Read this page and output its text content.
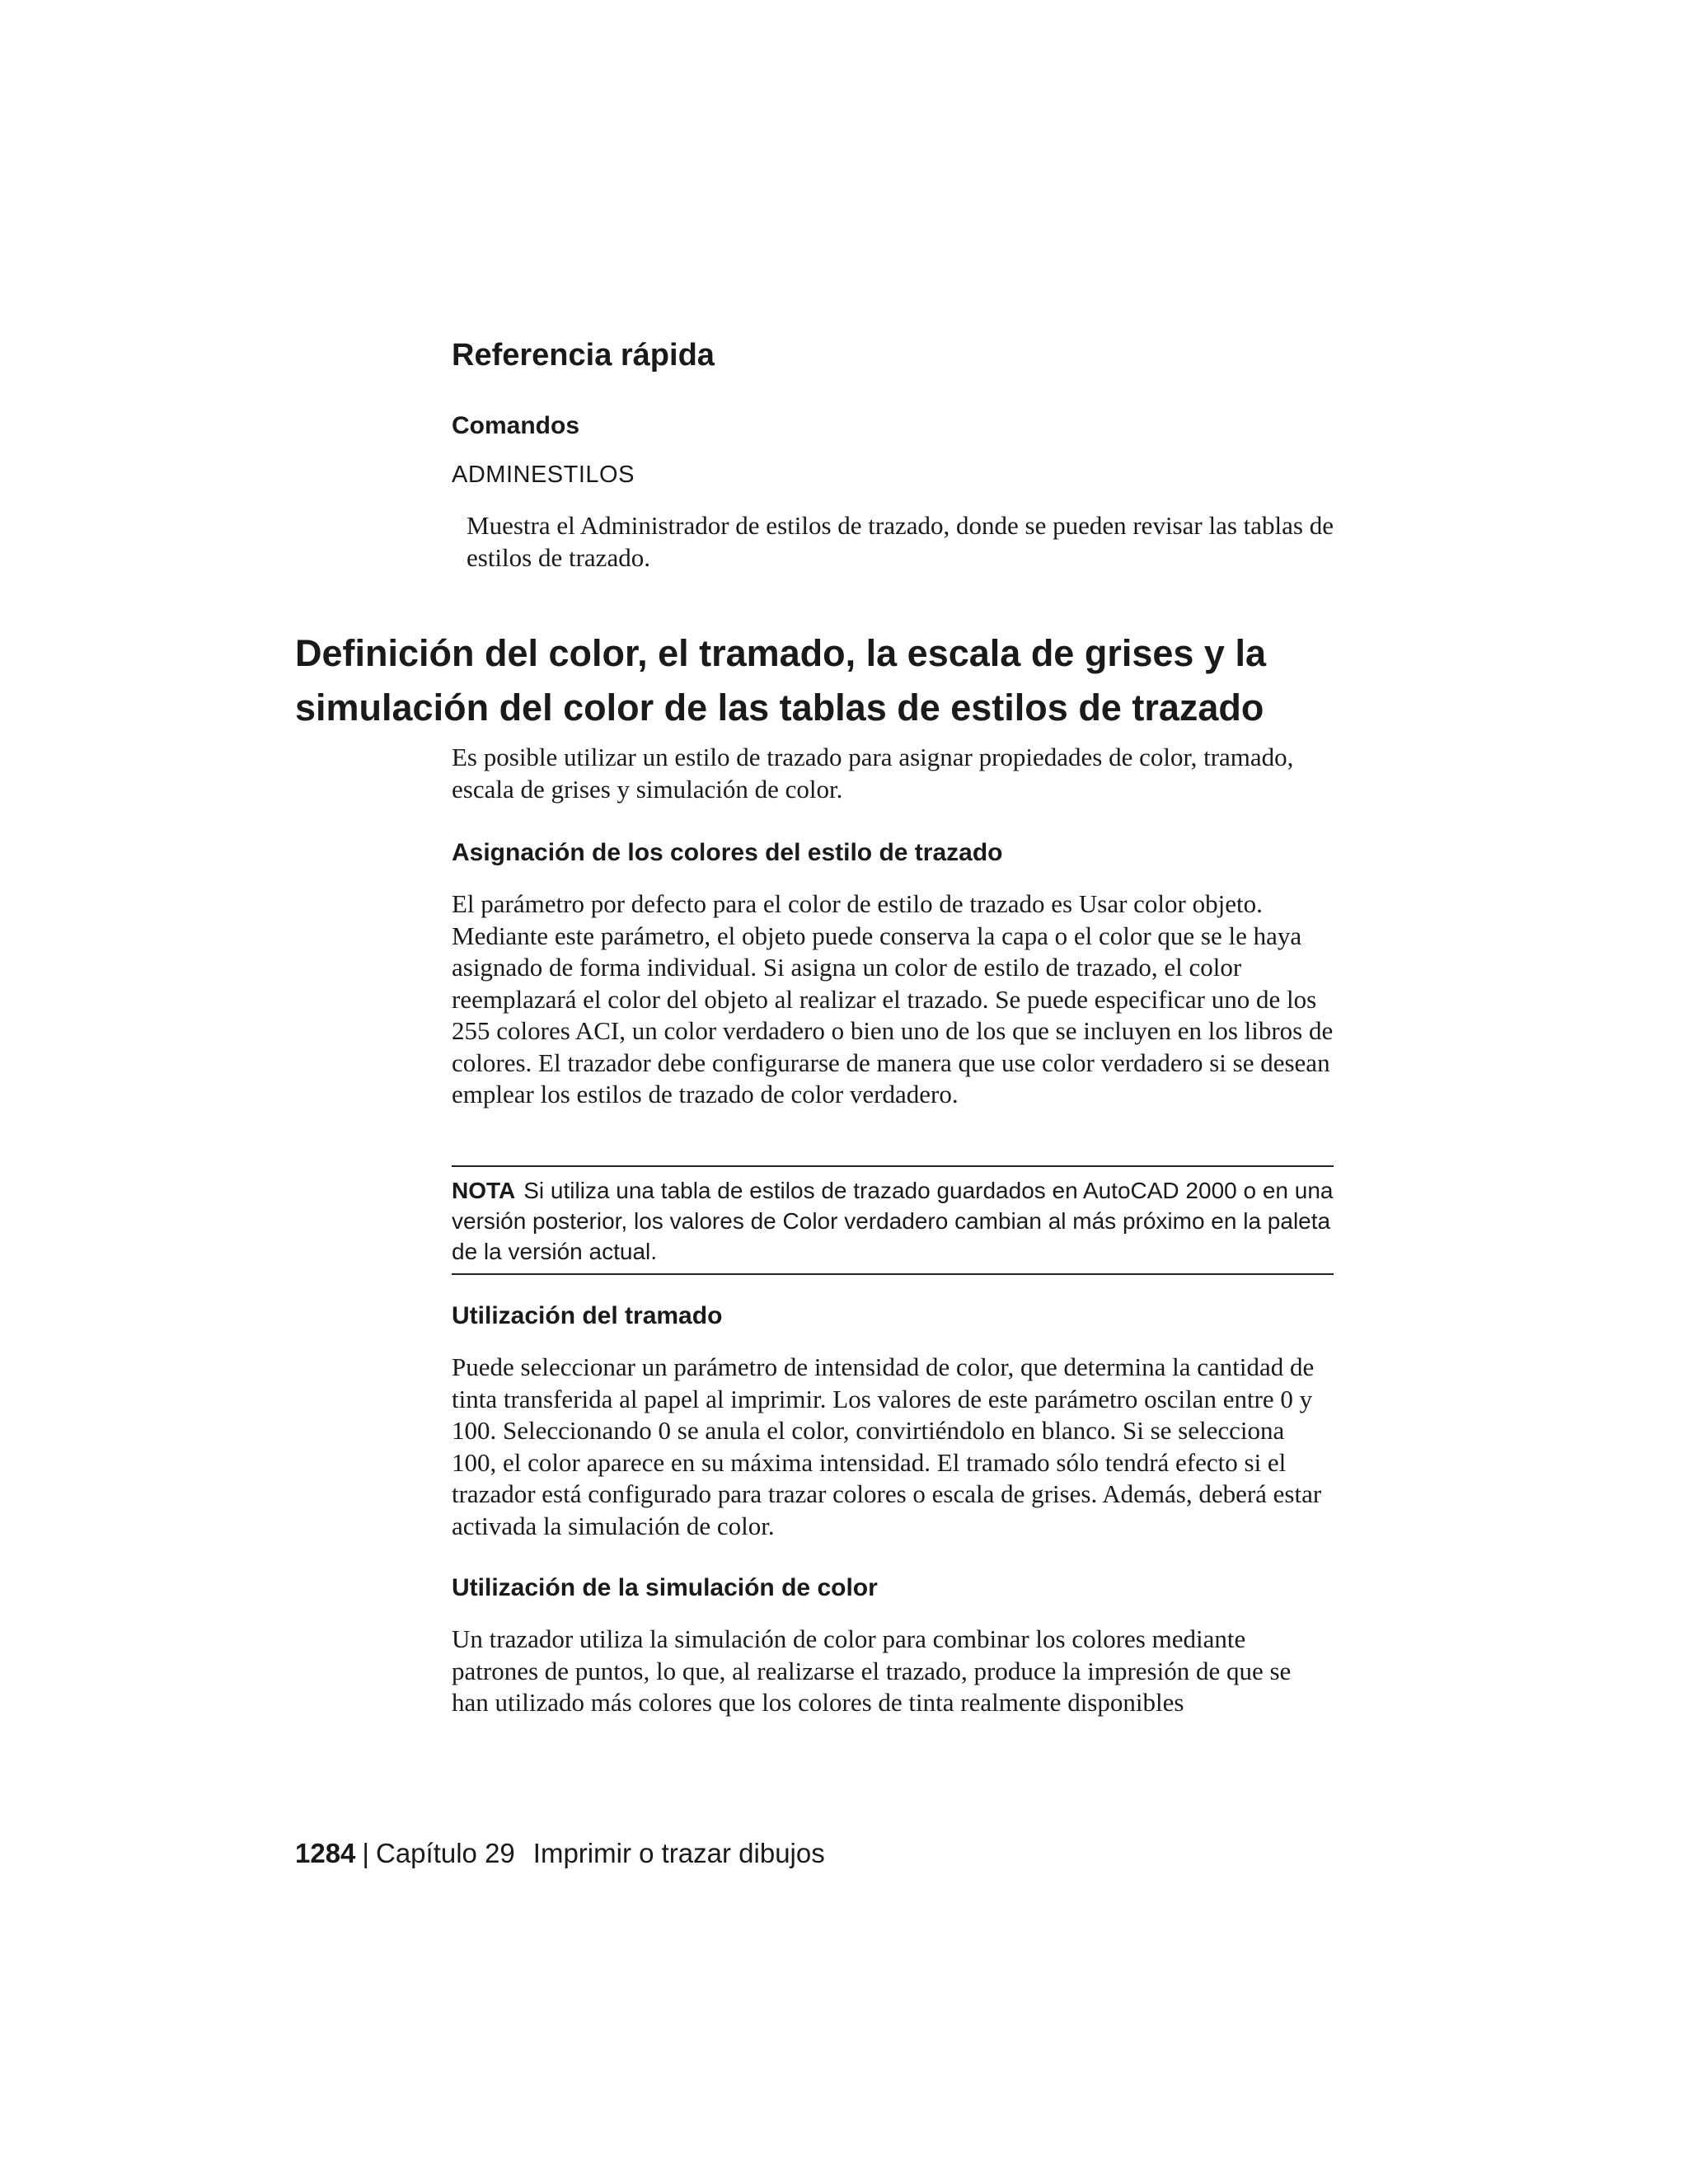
Referencia rápida
Comandos

ADMINESTILOS

Muestra el Administrador de estilos de trazado, donde se pueden revisar las tablas de estilos de trazado.

Definición del color, el tramado, la escala de grises y la simulación del color de las tablas de estilos de trazado

Es posible utilizar un estilo de trazado para asignar propiedades de color, tramado, escala de grises y simulación de color.

Asignación de los colores del estilo de trazado

El parámetro por defecto para el color de estilo de trazado es Usar color objeto. Mediante este parámetro, el objeto puede conserva la capa o el color que se le haya asignado de forma individual. Si asigna un color de estilo de trazado, el color reemplazará el color del objeto al realizar el trazado. Se puede especificar uno de los 255 colores ACI, un color verdadero o bien uno de los que se incluyen en los libros de colores. El trazador debe configurarse de manera que use color verdadero si se desean emplear los estilos de trazado de color verdadero.

NOTA Si utiliza una tabla de estilos de trazado guardados en AutoCAD 2000 o en una versión posterior, los valores de Color verdadero cambian al más próximo en la paleta de la versión actual.
Utilización del tramado

Puede seleccionar un parámetro de intensidad de color, que determina la cantidad de tinta transferida al papel al imprimir. Los valores de este parámetro oscilan entre 0 y 100. Seleccionando 0 se anula el color, convirtiéndolo en blanco. Si se selecciona 100, el color aparece en su máxima intensidad. El tramado sólo tendrá efecto si el trazador está configurado para trazar colores o escala de grises. Además, deberá estar activada la simulación de color.

Utilización de la simulación de color

Un trazador utiliza la simulación de color para combinar los colores mediante patrones de puntos, lo que, al realizarse el trazado, produce la impresión de que se han utilizado más colores que los colores de tinta realmente disponibles

1284 | Capítulo 29 Imprimir o trazar dibujos
